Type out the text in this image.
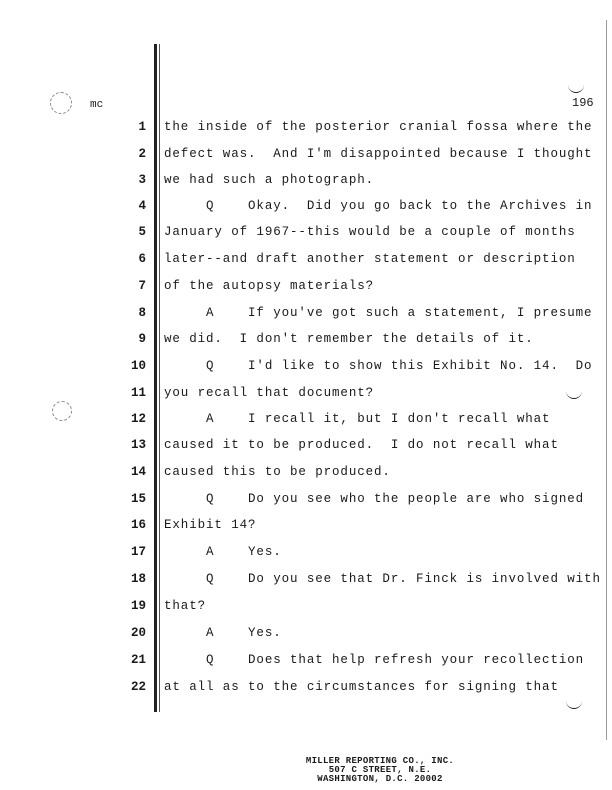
mc	196
1 the inside of the posterior cranial fossa where the
2 defect was.  And I'm disappointed because I thought
3 we had such a photograph.
4 Q    Okay.  Did you go back to the Archives in
5 January of 1967--this would be a couple of months
6 later--and draft another statement or description
7 of the autopsy materials?
8 A    If you've got such a statement, I presume
9 we did.  I don't remember the details of it.
10 Q    I'd like to show this Exhibit No. 14.  Do
11 you recall that document?
12 A    I recall it, but I don't recall what
13 caused it to be produced.  I do not recall what
14 caused this to be produced.
15 Q    Do you see who the people are who signed
16 Exhibit 14?
17 A    Yes.
18 Q    Do you see that Dr. Finck is involved with
19 that?
20 A    Yes.
21 Q    Does that help refresh your recollection
22 at all as to the circumstances for signing that
MILLER REPORTING CO., INC.
507 C STREET, N.E.
WASHINGTON, D.C. 20002
